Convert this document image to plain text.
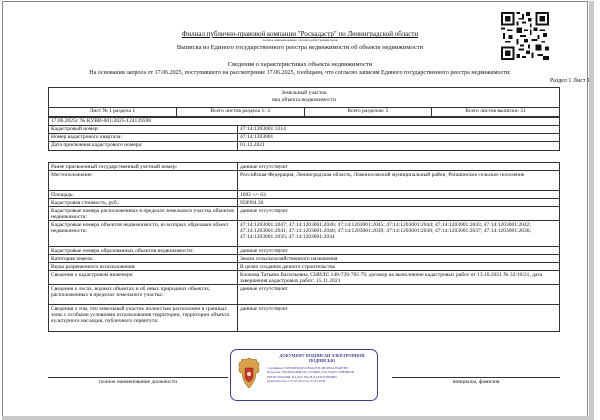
Филиал публично-правовой компании "Роскадастр" по Ленинградской области
полное наименование органа регистрации прав
Выписка из Единого государственного реестра недвижимости об объекте недвижимости
Сведения о характеристиках объекта недвижимости
На основании запроса от 17.06.2025, поступившего на рассмотрение 17.06.2025, сообщаем, что согласно записям Единого государственного реестра недвижимости:
Раздел 1 Лист 1
Земельный участок
вид объекта недвижимости
Лист № 1 раздела 1	Всего листов раздела 1: 3	Всего разделов: 5	Всего листов выписки: 51
17.06.2025г. № КУВИ-001/2025-124139598
Кадастровый номер:	47:14:1203001:3314
Номер кадастрового квартала:	47:14:1203001
Дата присвоения кадастрового номера:	01.12.2021
Ранее присвоенный государственный учетный номер:	данные отсутствуют
Местоположение:	Российская Федерация, Ленинградская область, Ломоносовский муниципальный район, Ропшинское сельское поселение
Площадь:	1092 +/- 63
Кадастровая стоимость, руб.:	958994.36
Кадастровые номера расположенных в пределах земельного участка объектов недвижимости:
данные отсутствуют
Кадастровые номера объектов недвижимости, из которых образован объект недвижимости:
47:14:1203001:2047; 47:14:1203001:2046; 47:14:1203001:2045; 47:14:1203001:2044; 47:14:1203001:2043; 47:14:1203001:2042; 47:14:1203001:2041; 47:14:1203001:2040; 47:14:1203001:2039; 47:14:1203001:2038; 47:14:1203001:2037; 47:14:1203001:2036; 47:14:1203001:2035; 47:14:1203001:2034
Кадастровые номера образованных объектов недвижимости:	данные отсутствуют
Категория земель:	Земли сельскохозяйственного назначения
Виды разрешенного использования:	В целях создания дачного строительства
Сведения о кадастровом инженере:	Клокова Татьяна Васильевна, СНИЛС 140-739-705 79, договор на выполнение кадастровых работ от 13.10.2021 № 32/10/21, дата завершения кадастровых работ: 15.11.2021
Сведения о лесах, водных объектах и об иных природных объектах, расположенных в пределах земельного участка:
данные отсутствуют
Сведения о том, что земельный участок полностью расположен в границах зоны с особыми условиями использования территории, территории объекта культурного наследия, публичного сервитута:
данные отсутствуют
полное наименование должности	инициалы, фамилия
ДОКУМЕНТ ПОДПИСАН ЭЛЕКТРОННОЙ ПОДПИСЬЮ
Сертификат: 00ED6F9C6E31B6A1E3C4B19E4A39AB7B0
Владелец: ФЕДЕРАЛЬНАЯ СЛУЖБА ГОСУДАРСТВЕННОЙ
РЕГИСТРАЦИИ, КАДАСТРА И КАРТОГРАФИИ
Действителен: с 07.05.2025 по 31.07.2026
